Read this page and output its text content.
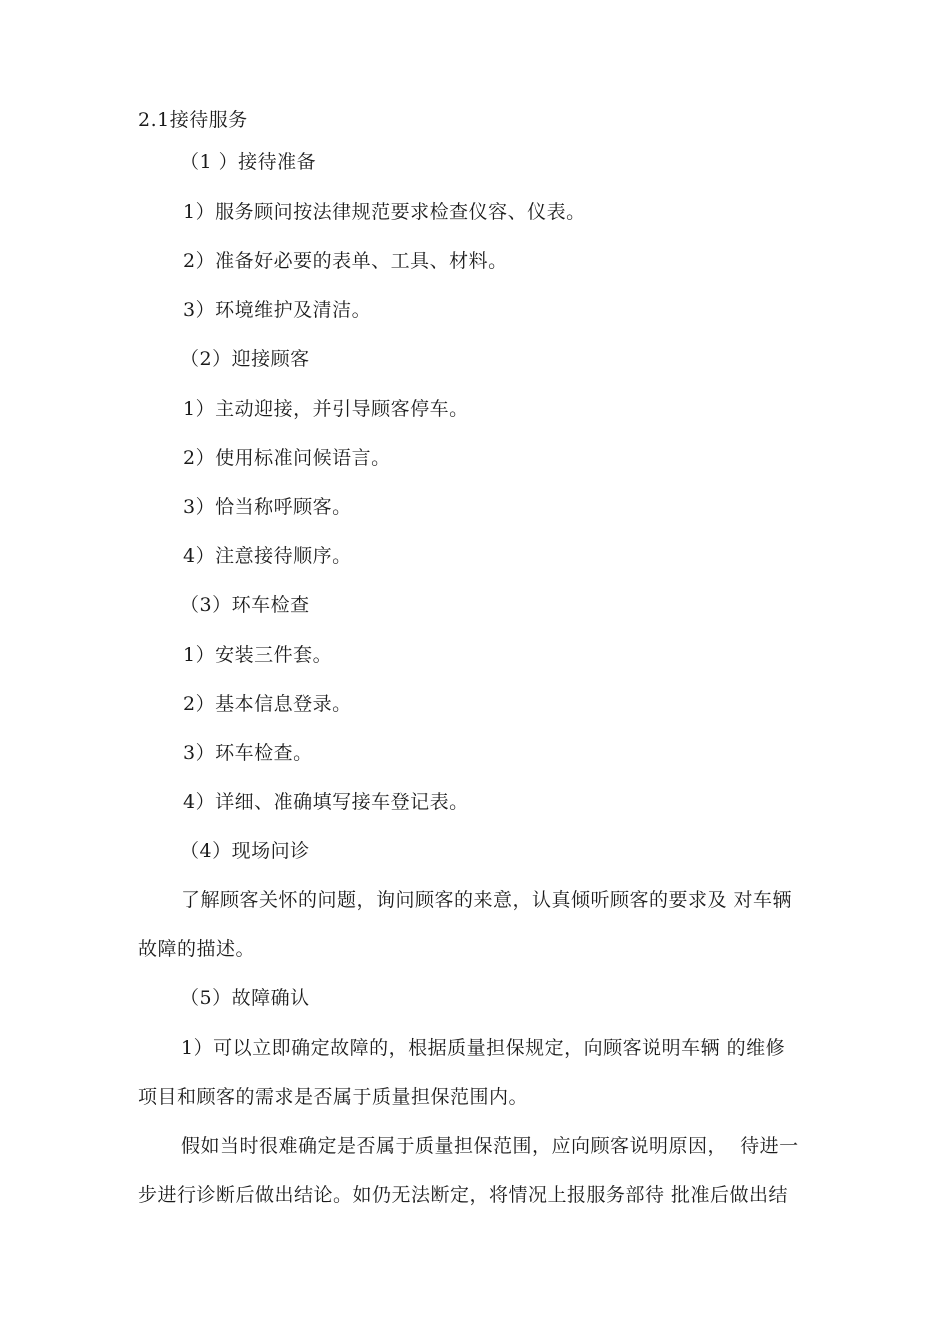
2.1接待服务
（1 ）接待准备
1）服务顾问按法律规范要求检查仪容、仪表。
2）准备好必要的表单、工具、材料。
3）环境维护及清洁。
（2）迎接顾客
1）主动迎接，并引导顾客停车。
2）使用标准问候语言。
3）恰当称呼顾客。
4）注意接待顺序。
（3）环车检查
1）安装三件套。
2）基本信息登录。
3）环车检查。
4）详细、准确填写接车登记表。
（4）现场问诊
了解顾客关怀的问题，询问顾客的来意，认真倾听顾客的要求及 对车辆
故障的描述。
（5）故障确认
1）可以立即确定故障的，根据质量担保规定，向顾客说明车辆 的维修
项目和顾客的需求是否属于质量担保范围内。
假如当时很难确定是否属于质量担保范围，应向顾客说明原因，  待进一
步进行诊断后做出结论。如仍无法断定，将情况上报服务部待 批准后做出结
